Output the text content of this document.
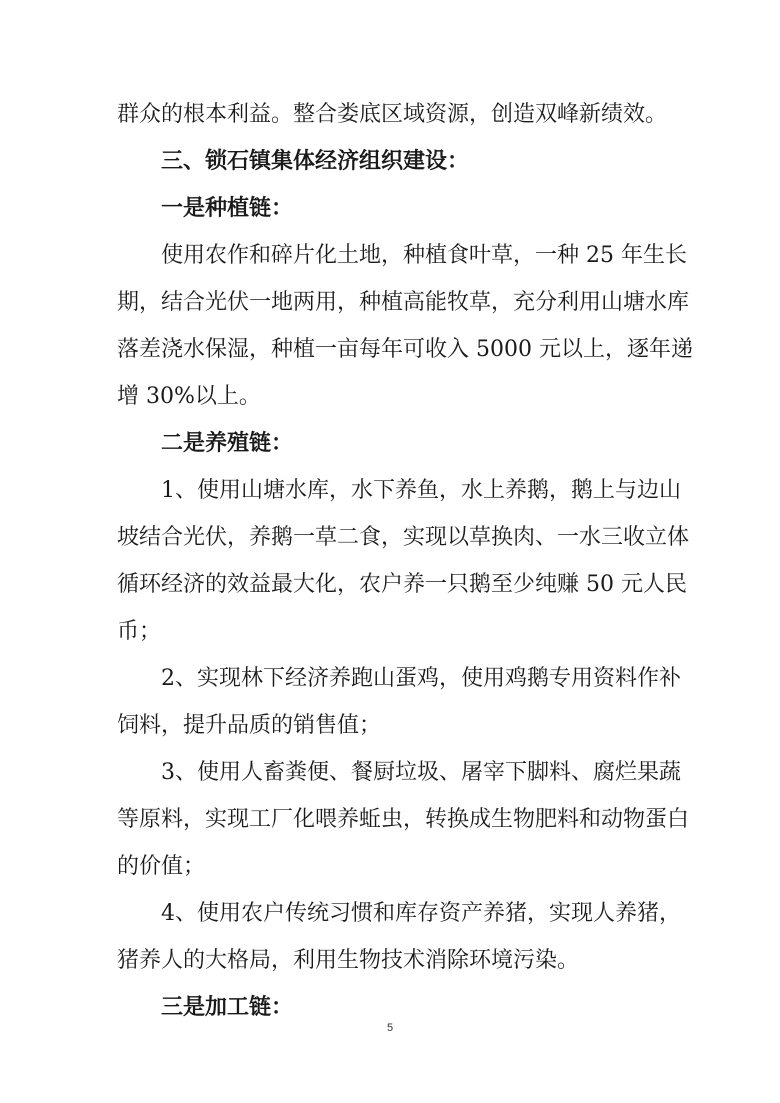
群众的根本利益。整合娄底区域资源，创造双峰新绩效。
三、锁石镇集体经济组织建设：
一是种植链：
使用农作和碎片化土地，种植食叶草，一种 25 年生长
期，结合光伏一地两用，种植高能牧草，充分利用山塘水库
落差浇水保湿，种植一亩每年可收入 5000 元以上，逐年递
增 30%以上。
二是养殖链：
1、使用山塘水库，水下养鱼，水上养鹅，鹅上与边山
坡结合光伏，养鹅一草二食，实现以草换肉、一水三收立体
循环经济的效益最大化，农户养一只鹅至少纯赚 50 元人民
币；
2、实现林下经济养跑山蛋鸡，使用鸡鹅专用资料作补
饲料，提升品质的销售值；
3、使用人畜粪便、餐厨垃圾、屠宰下脚料、腐烂果蔬
等原料，实现工厂化喂养蚯虫，转换成生物肥料和动物蛋白
的价值；
4、使用农户传统习惯和库存资产养猪，实现人养猪，
猪养人的大格局，利用生物技术消除环境污染。
三是加工链：
5
